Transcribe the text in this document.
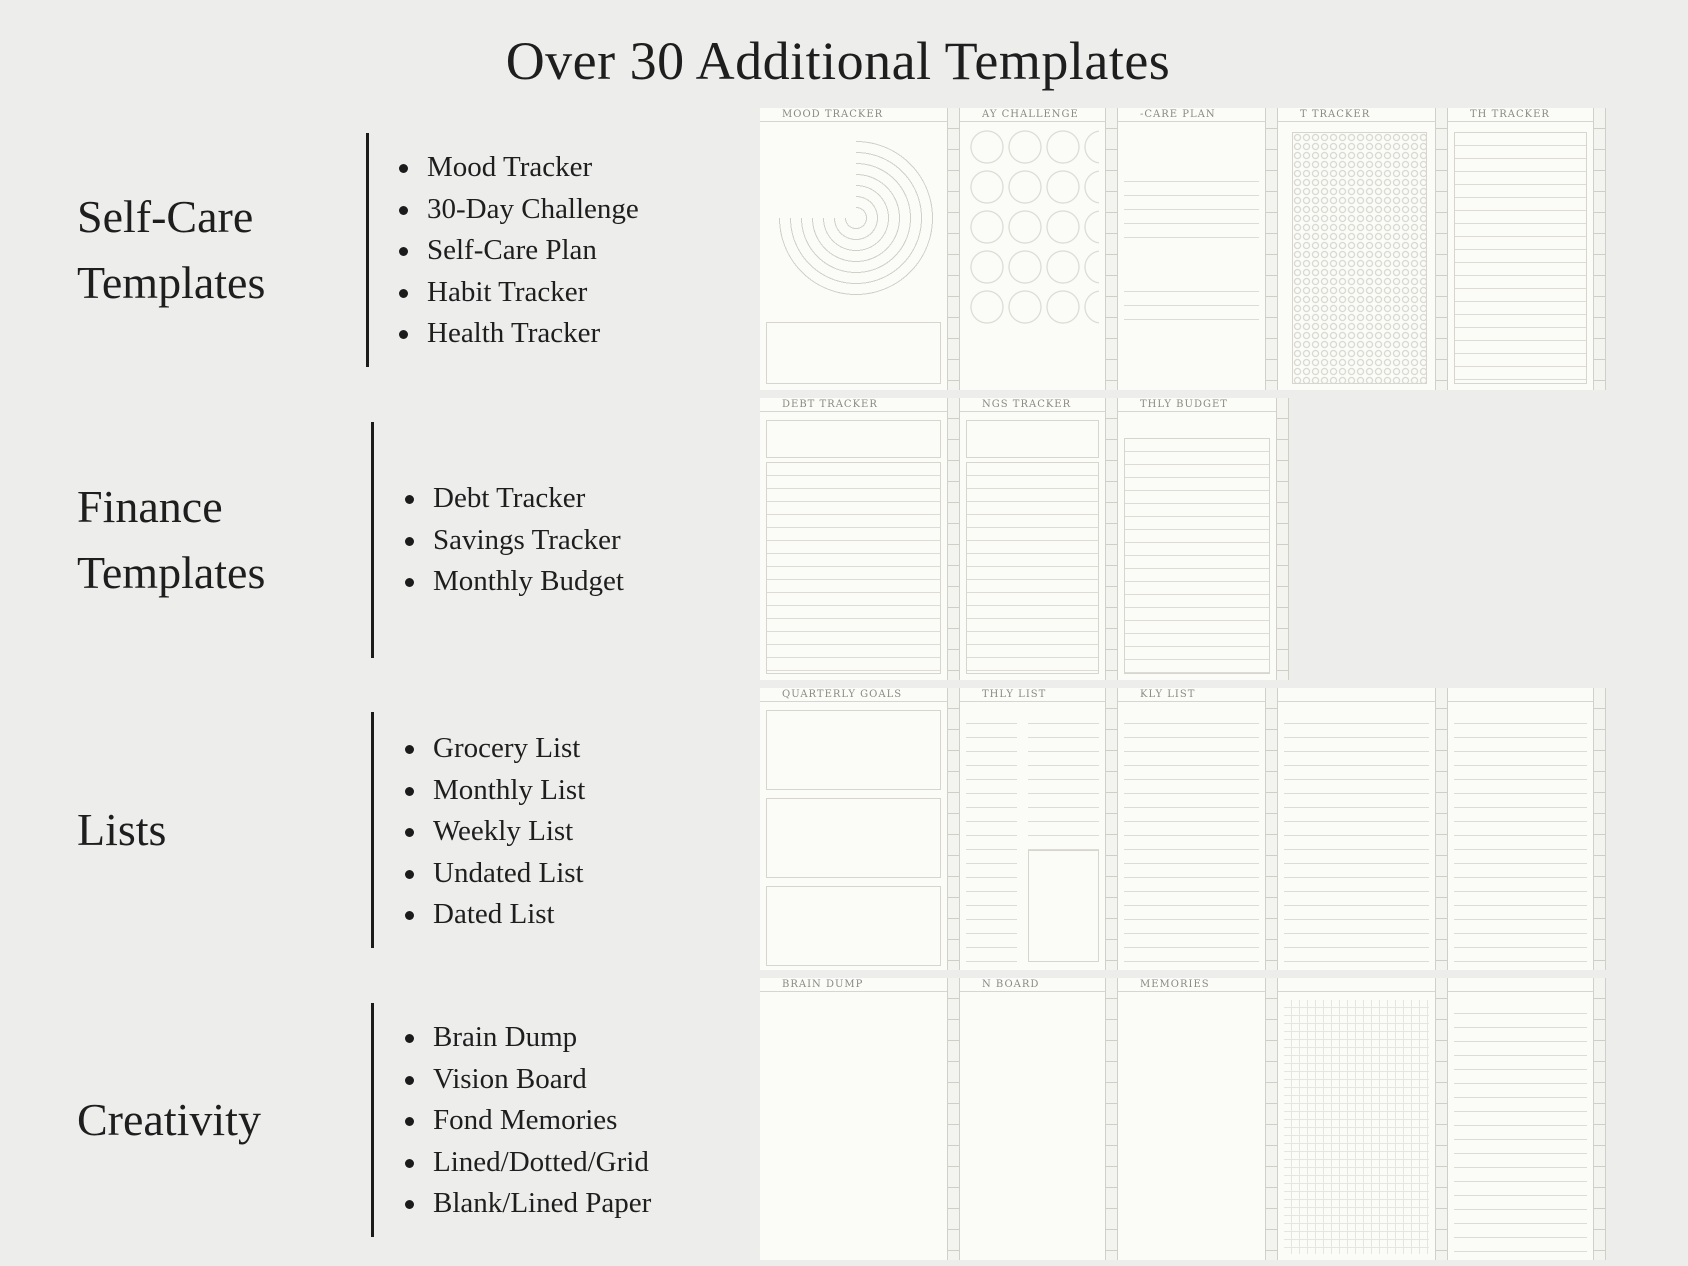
Over 30 Additional Templates
Self-Care
Templates
Mood Tracker
30-Day Challenge
Self-Care Plan
Habit Tracker
Health Tracker
Finance
Templates
Debt Tracker
Savings Tracker
Monthly Budget
Lists
Grocery List
Monthly List
Weekly List
Undated List
Dated List
Creativity
Brain Dump
Vision Board
Fond Memories
Lined/Dotted/Grid
Blank/Lined Paper
MOOD TRACKER	AY CHALLENGE	-CARE PLAN	T TRACKER	TH TRACKER
DEBT TRACKER	NGS TRACKER	THLY BUDGET
QUARTERLY GOALS	THLY LIST	KLY LIST
BRAIN DUMP	N BOARD	MEMORIES
